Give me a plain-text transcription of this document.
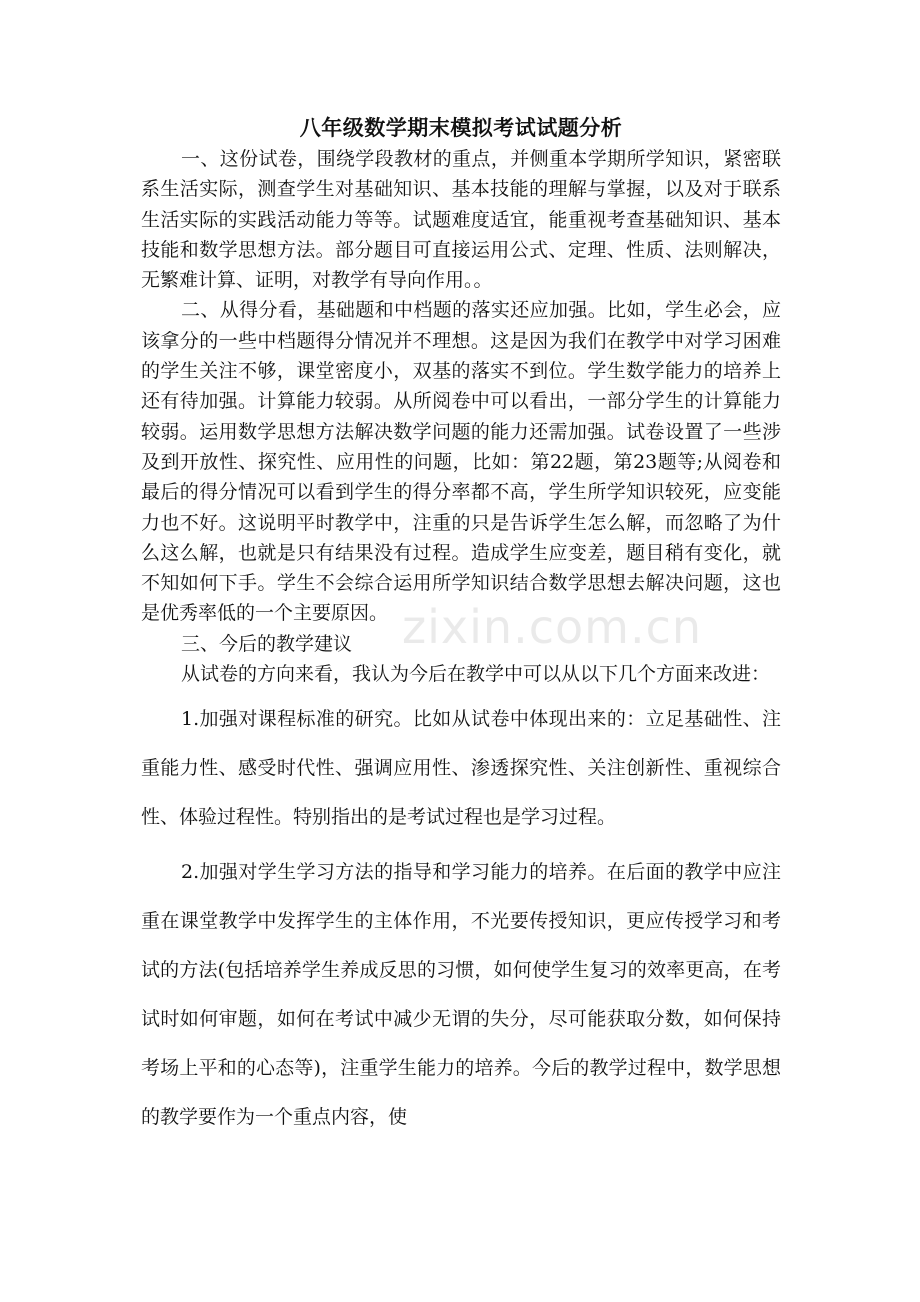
八年级数学期末模拟考试试题分析

一、这份试卷，围绕学段教材的重点，并侧重本学期所学知识，紧密联系生活实际，测查学生对基础知识、基本技能的理解与掌握，以及对于联系生活实际的实践活动能力等等。试题难度适宜，能重视考查基础知识、基本技能和数学思想方法。部分题目可直接运用公式、定理、性质、法则解决，无繁难计算、证明，对教学有导向作用。。

二、从得分看，基础题和中档题的落实还应加强。比如，学生必会，应该拿分的一些中档题得分情况并不理想。这是因为我们在教学中对学习困难的学生关注不够，课堂密度小，双基的落实不到位。学生数学能力的培养上还有待加强。计算能力较弱。从所阅卷中可以看出，一部分学生的计算能力较弱。运用数学思想方法解决数学问题的能力还需加强。试卷设置了一些涉及到开放性、探究性、应用性的问题，比如：第22题，第23题等;从阅卷和最后的得分情况可以看到学生的得分率都不高，学生所学知识较死，应变能力也不好。这说明平时教学中，注重的只是告诉学生怎么解，而忽略了为什么这么解，也就是只有结果没有过程。造成学生应变差，题目稍有变化，就不知如何下手。学生不会综合运用所学知识结合数学思想去解决问题，这也是优秀率低的一个主要原因。

三、今后的教学建议

从试卷的方向来看，我认为今后在教学中可以从以下几个方面来改进：

1.加强对课程标准的研究。比如从试卷中体现出来的：立足基础性、注重能力性、感受时代性、强调应用性、渗透探究性、关注创新性、重视综合性、体验过程性。特别指出的是考试过程也是学习过程。

2.加强对学生学习方法的指导和学习能力的培养。在后面的教学中应注重在课堂教学中发挥学生的主体作用，不光要传授知识，更应传授学习和考试的方法(包括培养学生养成反思的习惯，如何使学生复习的效率更高，在考试时如何审题，如何在考试中减少无谓的失分，尽可能获取分数，如何保持考场上平和的心态等)，注重学生能力的培养。今后的教学过程中，数学思想的教学要作为一个重点内容，使

zixin.com.cn
